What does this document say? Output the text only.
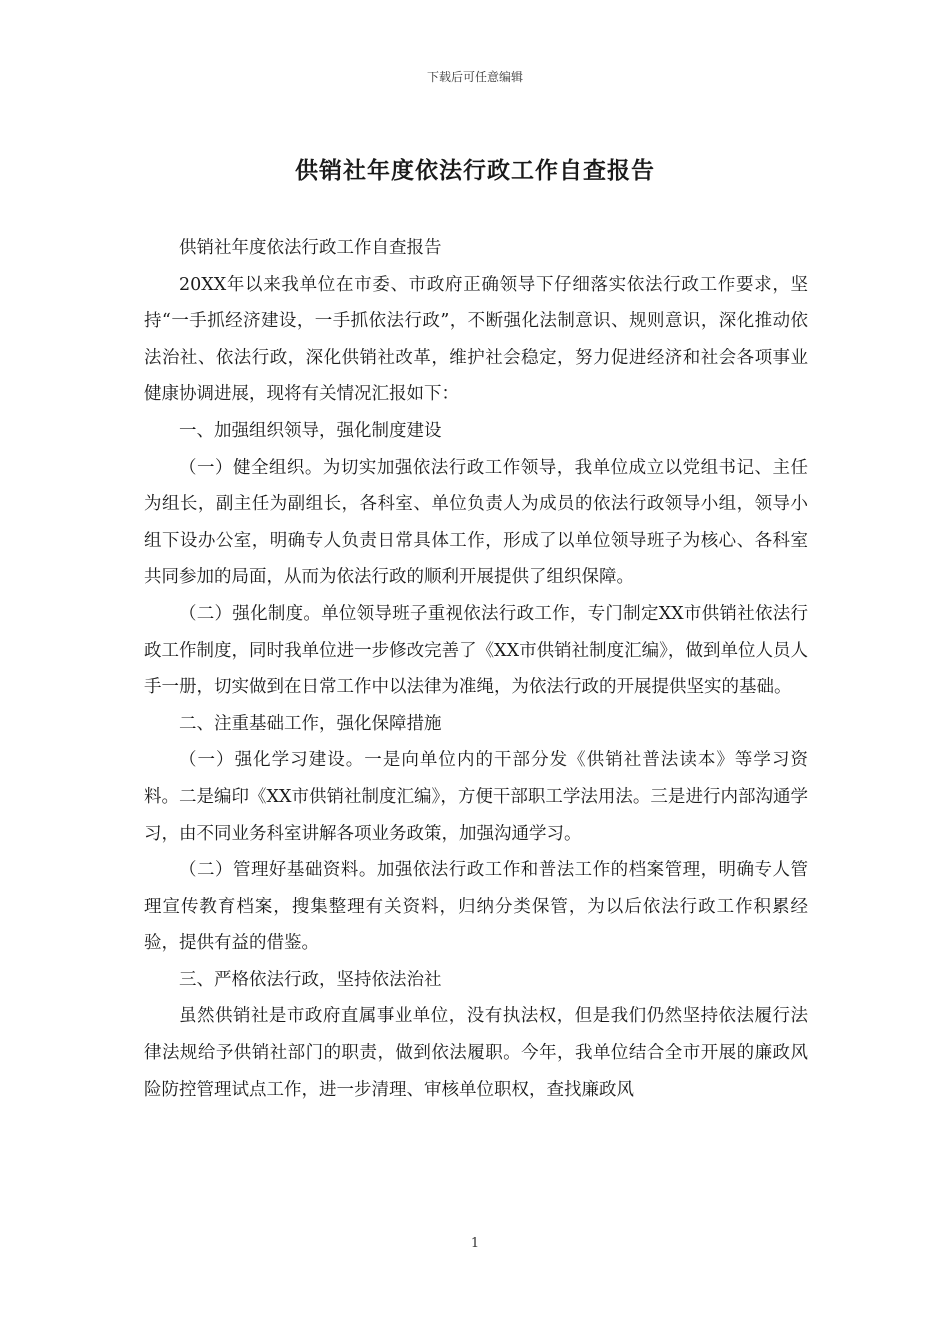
下载后可任意编辑
供销社年度依法行政工作自查报告

供销社年度依法行政工作自查报告

20XX年以来我单位在市委、市政府正确领导下仔细落实依法行政工作要求，坚持“一手抓经济建设，一手抓依法行政”，不断强化法制意识、规则意识，深化推动依法治社、依法行政，深化供销社改革，维护社会稳定，努力促进经济和社会各项事业健康协调进展，现将有关情况汇报如下：

一、加强组织领导，强化制度建设

（一）健全组织。为切实加强依法行政工作领导，我单位成立以党组书记、主任为组长，副主任为副组长，各科室、单位负责人为成员的依法行政领导小组，领导小组下设办公室，明确专人负责日常具体工作，形成了以单位领导班子为核心、各科室共同参加的局面，从而为依法行政的顺利开展提供了组织保障。

（二）强化制度。单位领导班子重视依法行政工作，专门制定XX市供销社依法行政工作制度，同时我单位进一步修改完善了《XX市供销社制度汇编》，做到单位人员人手一册，切实做到在日常工作中以法律为准绳，为依法行政的开展提供坚实的基础。

二、注重基础工作，强化保障措施

（一）强化学习建设。一是向单位内的干部分发《供销社普法读本》等学习资料。二是编印《XX市供销社制度汇编》，方便干部职工学法用法。三是进行内部沟通学习，由不同业务科室讲解各项业务政策，加强沟通学习。

（二）管理好基础资料。加强依法行政工作和普法工作的档案管理，明确专人管理宣传教育档案，搜集整理有关资料，归纳分类保管，为以后依法行政工作积累经验，提供有益的借鉴。

三、严格依法行政，坚持依法治社

虽然供销社是市政府直属事业单位，没有执法权，但是我们仍然坚持依法履行法律法规给予供销社部门的职责，做到依法履职。今年，我单位结合全市开展的廉政风险防控管理试点工作，进一步清理、审核单位职权，查找廉政风

1
